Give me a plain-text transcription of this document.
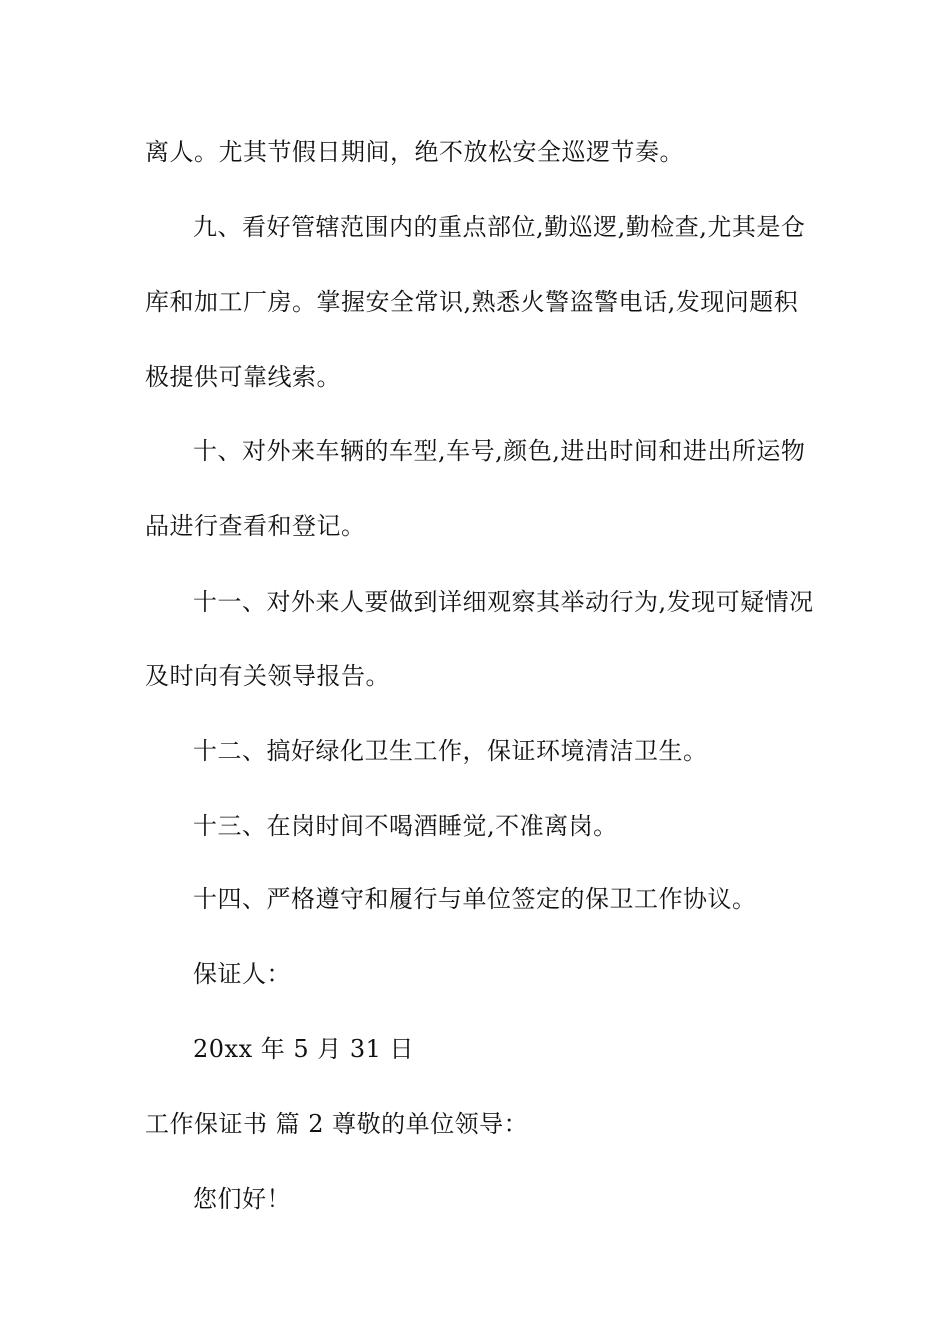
离人。尤其节假日期间，绝不放松安全巡逻节奏。
九、看好管辖范围内的重点部位,勤巡逻,勤检查,尤其是仓
库和加工厂房。掌握安全常识,熟悉火警盗警电话,发现问题积
极提供可靠线索。
十、对外来车辆的车型,车号,颜色,进出时间和进出所运物
品进行查看和登记。
十一、对外来人要做到详细观察其举动行为,发现可疑情况
及时向有关领导报告。
十二、搞好绿化卫生工作，保证环境清洁卫生。
十三、在岗时间不喝酒睡觉,不准离岗。
十四、严格遵守和履行与单位签定的保卫工作协议。
保证人：
20xx 年 5 月 31 日
工作保证书 篇 2 尊敬的单位领导：
您们好！
